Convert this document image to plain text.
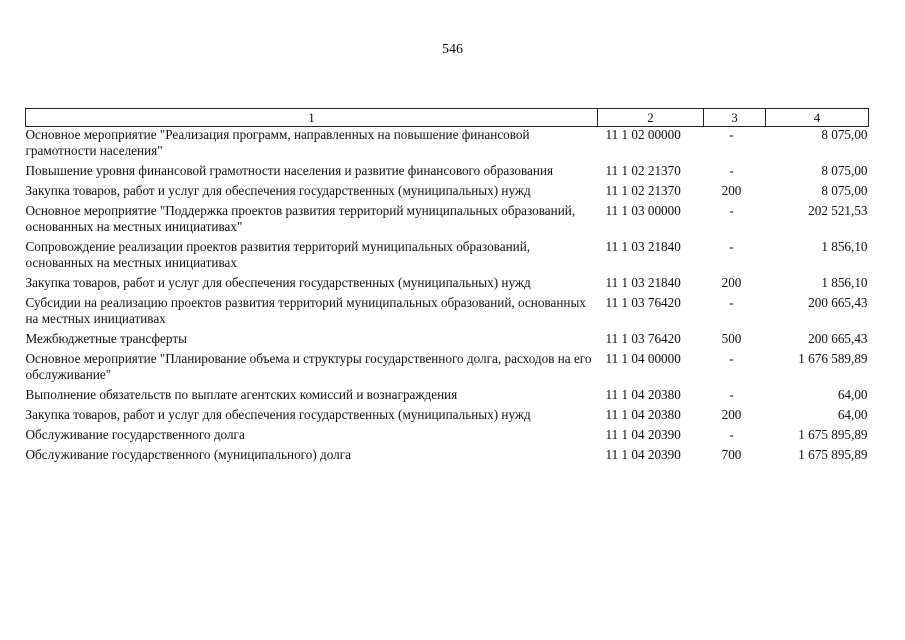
546
1	2	3	4
Основное мероприятие "Реализация программ, направленных на повышение финансовой грамотности населения"	11 1 02 00000	-	8 075,00
Повышение уровня финансовой грамотности населения и развитие финансового образования	11 1 02 21370	-	8 075,00
Закупка товаров, работ и услуг для обеспечения государственных (муниципальных) нужд	11 1 02 21370	200	8 075,00
Основное мероприятие "Поддержка проектов развития территорий муниципальных образований, основанных на местных инициативах"	11 1 03 00000	-	202 521,53
Сопровождение реализации проектов развития территорий муниципальных образований, основанных на местных инициативах	11 1 03 21840	-	1 856,10
Закупка товаров, работ и услуг для обеспечения государственных (муниципальных) нужд	11 1 03 21840	200	1 856,10
Субсидии на реализацию проектов развития территорий муниципальных образований, основанных на местных инициативах	11 1 03 76420	-	200 665,43
Межбюджетные трансферты	11 1 03 76420	500	200 665,43
Основное мероприятие "Планирование объема и структуры государственного долга, расходов на его обслуживание"	11 1 04 00000	-	1 676 589,89
Выполнение обязательств по выплате агентских комиссий и вознаграждения	11 1 04 20380	-	64,00
Закупка товаров, работ и услуг для обеспечения государственных (муниципальных) нужд	11 1 04 20380	200	64,00
Обслуживание государственного долга	11 1 04 20390	-	1 675 895,89
Обслуживание государственного (муниципального) долга	11 1 04 20390	700	1 675 895,89
